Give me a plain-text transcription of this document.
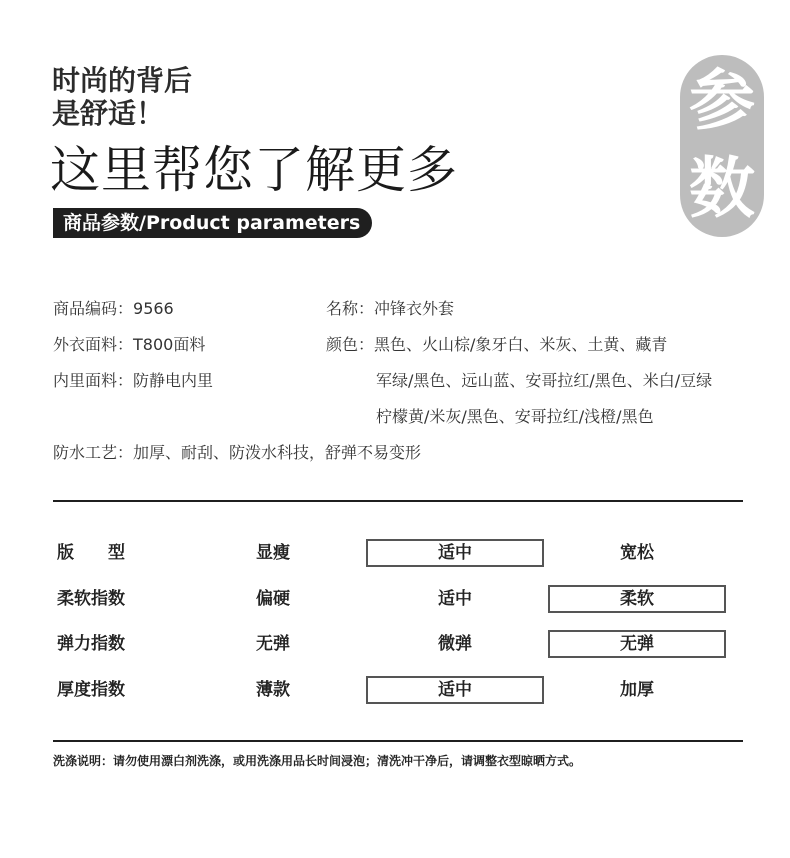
时尚的背后
是舒适！
这里帮您了解更多
商品参数/Product parameters
参
数
商品编码：9566	名称：冲锋衣外套
外衣面料：T800面料	颜色：黑色、火山棕/象牙白、米灰、土黄、藏青
内里面料：防静电内里	军绿/黑色、远山蓝、安哥拉红/黑色、米白/豆绿
柠檬黄/米灰/黑色、安哥拉红/浅橙/黑色
防水工艺：加厚、耐刮、防泼水科技，舒弹不易变形
版　　型	显瘦	适中	宽松
柔软指数	偏硬	适中	柔软
弹力指数	无弹	微弹	无弹
厚度指数	薄款	适中	加厚
洗涤说明：请勿使用漂白剂洗涤，或用洗涤用品长时间浸泡；清洗冲干净后，请调整衣型晾晒方式。
